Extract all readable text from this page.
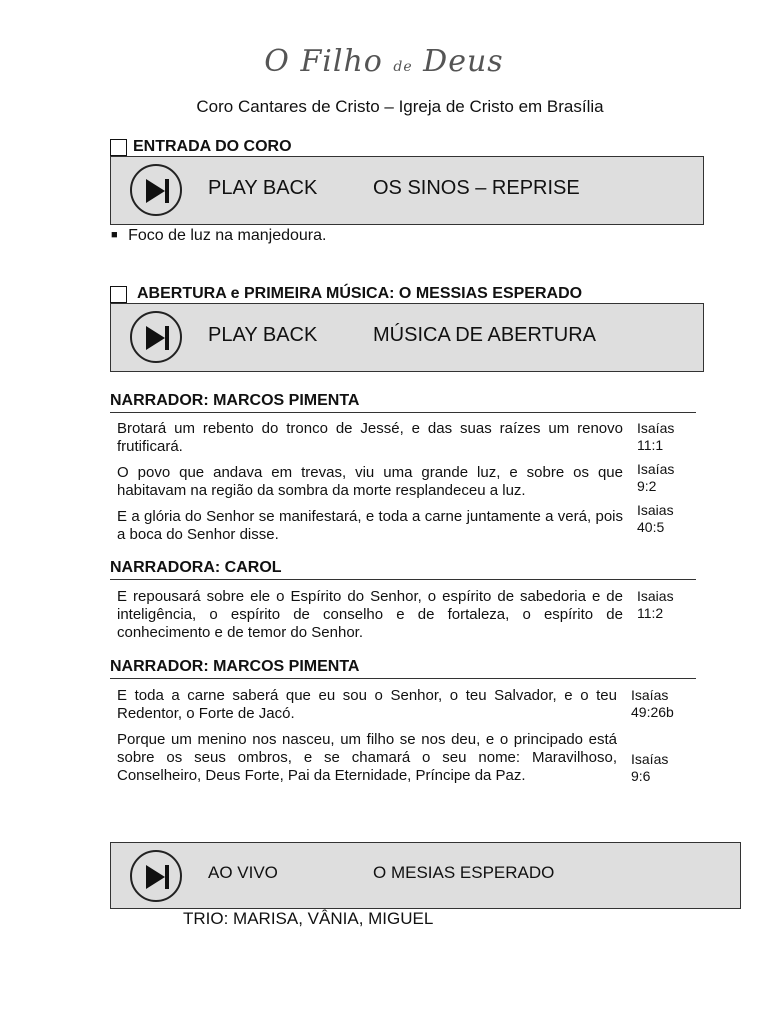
O Filho de Deus
Coro Cantares de Cristo – Igreja de Cristo em Brasília
ENTRADA DO CORO
PLAY BACK	OS SINOS – REPRISE
■ Foco de luz na manjedoura.
ABERTURA e PRIMEIRA MÚSICA: O MESSIAS ESPERADO
PLAY BACK	MÚSICA DE ABERTURA
NARRADOR: MARCOS PIMENTA
Brotará um rebento do tronco de Jessé, e das suas raízes um renovo frutificará.
Isaías 11:1
O povo que andava em trevas, viu uma grande luz, e sobre os que habitavam na região da sombra da morte resplandeceu a luz.
Isaías 9:2
E a glória do Senhor se manifestará, e toda a carne juntamente a verá, pois a boca do Senhor disse.
Isaias 40:5
NARRADORA: CAROL
E repousará sobre ele o Espírito do Senhor, o espírito de sabedoria e de inteligência, o espírito de conselho e de fortaleza, o espírito de conhecimento e de temor do Senhor.
Isaias 11:2
NARRADOR: MARCOS PIMENTA
E toda a carne saberá que eu sou o Senhor, o teu Salvador, e o teu Redentor, o Forte de Jacó.
Isaías 49:26b
Porque um menino nos nasceu, um filho se nos deu, e o principado está sobre os seus ombros, e se chamará o seu nome: Maravilhoso, Conselheiro, Deus Forte, Pai da Eternidade, Príncipe da Paz.
Isaías 9:6
AO VIVO	O MESIAS ESPERADO
TRIO: MARISA, VÂNIA, MIGUEL
